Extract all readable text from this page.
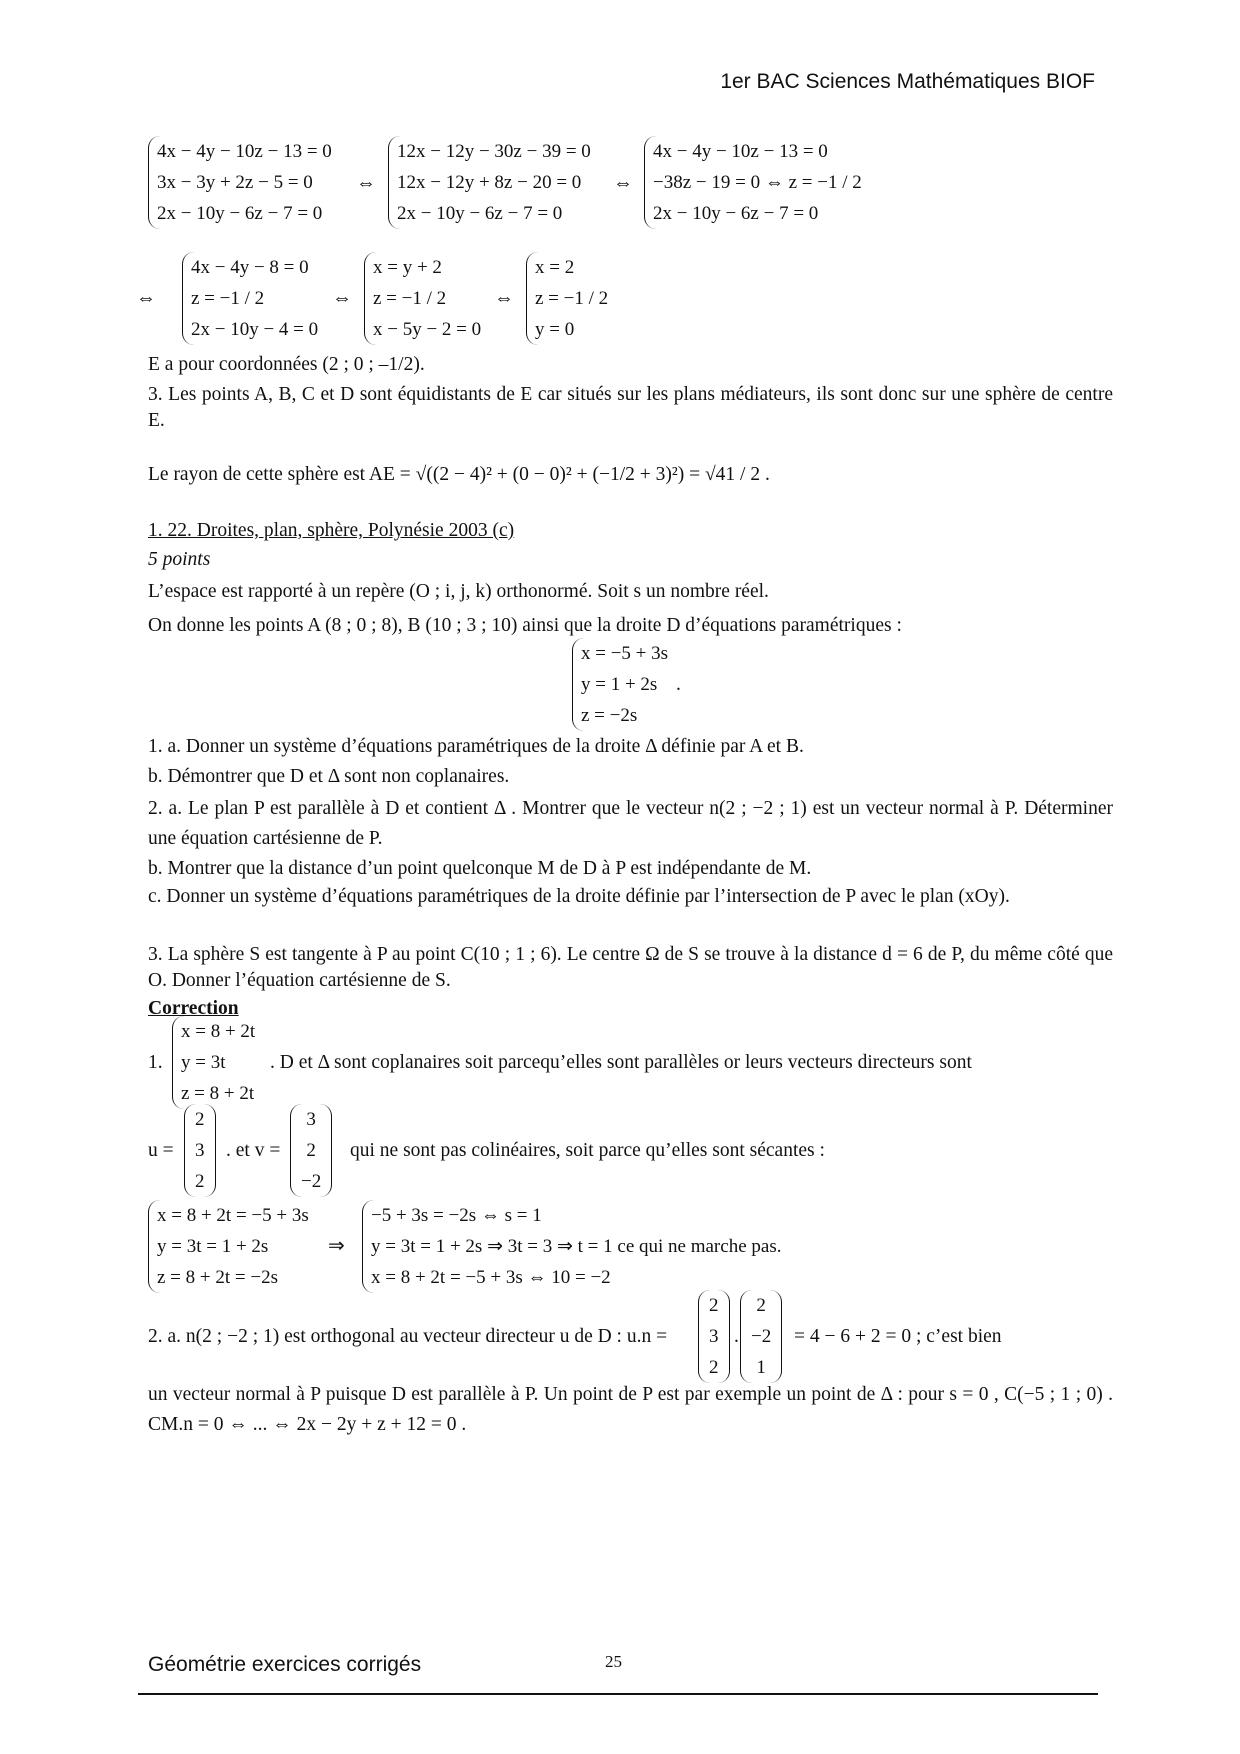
1er BAC Sciences Mathématiques BIOF
4x − 4y − 10z − 13 = 0
3x − 3y + 2z − 5 = 0
2x − 10y − 6z − 7 = 0
⇔
12x − 12y − 30z − 39 = 0
12x − 12y + 8z − 20 = 0
2x − 10y − 6z − 7 = 0
⇔
4x − 4y − 10z − 13 = 0
−38z − 19 = 0 ⇔ z = −1 / 2
2x − 10y − 6z − 7 = 0
⇔
4x − 4y − 8 = 0
z = −1 / 2
2x − 10y − 4 = 0
⇔
x = y + 2
z = −1 / 2
x − 5y − 2 = 0
⇔
x = 2
z = −1 / 2
y = 0
E a pour coordonnées (2 ; 0 ; –1/2).
3. Les points A, B, C et D sont équidistants de E car situés sur les plans médiateurs, ils sont donc sur une sphère de centre E.
Le rayon de cette sphère est AE = √((2 − 4)² + (0 − 0)² + (−1/2 + 3)²) = √41 / 2 .
1. 22. Droites, plan, sphère, Polynésie 2003 (c)
5 points
L’espace est rapporté à un repère (O ; i, j, k) orthonormé. Soit s un nombre réel.
On donne les points A (8 ; 0 ; 8), B (10 ; 3 ; 10) ainsi que la droite D d’équations paramétriques :
x = −5 + 3s
y = 1 + 2s
z = −2s
.
1. a. Donner un système d’équations paramétriques de la droite Δ définie par A et B.
b. Démontrer que D et Δ sont non coplanaires.
2. a. Le plan P est parallèle à D et contient Δ . Montrer que le vecteur n(2 ; −2 ; 1) est un vecteur normal à P. Déterminer une équation cartésienne de P.
b. Montrer que la distance d’un point quelconque M de D à P est indépendante de M.
c. Donner un système d’équations paramétriques de la droite définie par l’intersection de P avec le plan (xOy).
3. La sphère S est tangente à P au point C(10 ; 1 ; 6). Le centre Ω de S se trouve à la distance d = 6 de P, du même côté que O. Donner l’équation cartésienne de S.
Correction
1.
x = 8 + 2t
y = 3t
z = 8 + 2t
. D et Δ sont coplanaires soit parcequ’elles sont parallèles or leurs vecteurs directeurs sont
u =
2
3
2
. et v =
3
2
−2
qui ne sont pas colinéaires, soit parce qu’elles sont sécantes :
x = 8 + 2t = −5 + 3s
y = 3t = 1 + 2s
z = 8 + 2t = −2s
⇒
−5 + 3s = −2s ⇔ s = 1
y = 3t = 1 + 2s ⇒ 3t = 3 ⇒ t = 1 ce qui ne marche pas.
x = 8 + 2t = −5 + 3s ⇔ 10 = −2
2. a. n(2 ; −2 ; 1) est orthogonal au vecteur directeur u de D : u.n =
2
3
2
.
2
−2
1
= 4 − 6 + 2 = 0 ; c’est bien
un vecteur normal à P puisque D est parallèle à P. Un point de P est par exemple un point de Δ : pour s = 0 , C(−5 ; 1 ; 0) . CM.n = 0 ⇔ ... ⇔ 2x − 2y + z + 12 = 0 .
Géométrie exercices corrigés	25
